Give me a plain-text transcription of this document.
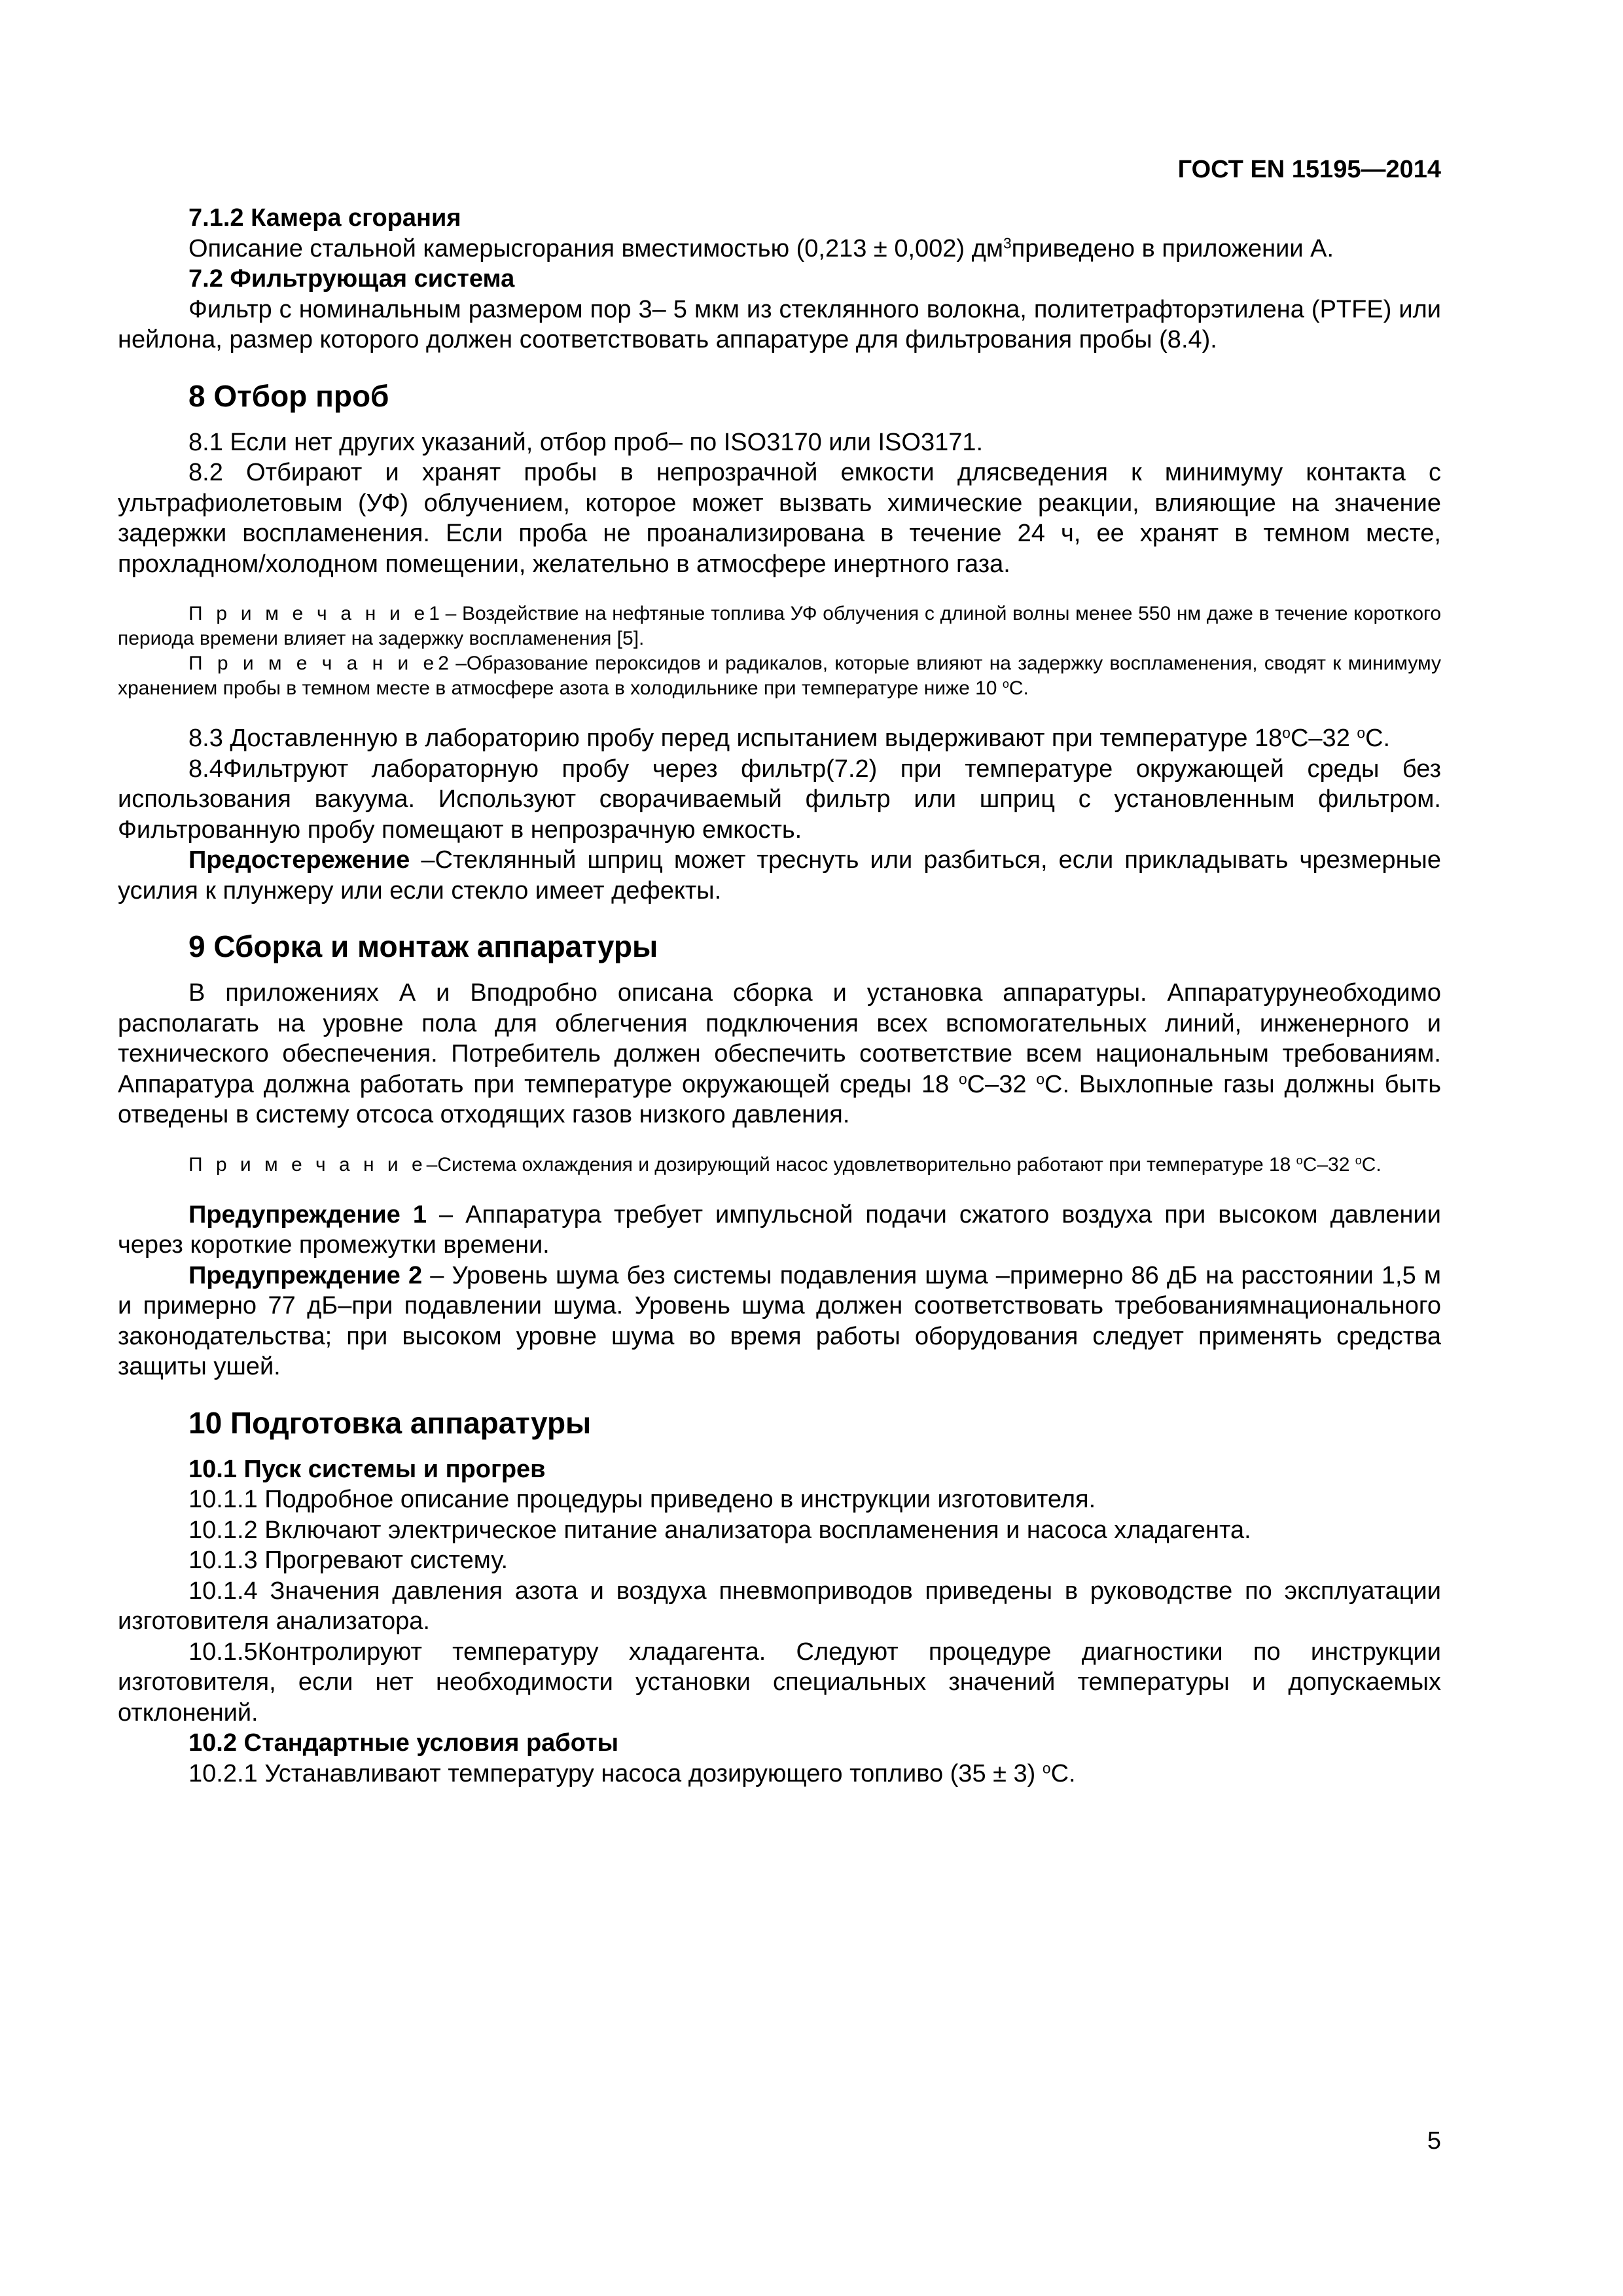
ГОСТ EN 15195—2014

7.1.2 Камера сгорания

Описание стальной камерысгорания вместимостью (0,213 ± 0,002) $дм^3приведено$ в приложении А.

7.2 Фильтрующая система

Фильтр с номинальным размером пор 3– 5 мкм из стеклянного волокна, политетрафторэтилена (PTFE) или нейлона, размер которого должен соответствовать аппаратуре для фильтрования пробы (8.4).

8 Отбор проб

8.1 Если нет других указаний, отбор проб– по ISO3170 или ISO3171.

8.2 Отбирают и хранят пробы в непрозрачной емкости длясведения к минимуму контакта с ультрафиолетовым (УФ) облучением, которое может вызвать химические реакции, влияющие на значение задержки воспламенения. Если проба не проанализирована в течение 24 ч, ее хранят в темном месте, прохладном/холодном помещении, желательно в атмосфере инертного газа.

П р и м е ч а н и е1 – Воздействие на нефтяные топлива УФ облучения с длиной волны менее 550 нм даже в течение короткого периода времени влияет на задержку воспламенения [5].

П р и м е ч а н и е2 –Образование пероксидов и радикалов, которые влияют на задержку воспламенения, сводят к минимуму хранением пробы в темном месте в атмосфере азота в холодильнике при температуре ниже 10 $^о$С.

8.3 Доставленную в лабораторию пробу перед испытанием выдерживают при температуре $18^оС-32$ $^о$С.

8.4Фильтруют лабораторную пробу через фильтр(7.2) при температуре окружающей среды без использования вакуума. Используют сворачиваемый фильтр или шприц с установленным фильтром. Фильтрованную пробу помещают в непрозрачную емкость.

Предостережение –Стеклянный шприц может треснуть или разбиться, если прикладывать чрезмерные усилия к плунжеру или если стекло имеет дефекты.

9 Сборка и монтаж аппаратуры

В приложениях А и Вподробно описана сборка и установка аппаратуры. Аппаратурунеобходимо располагать на уровне пола для облегчения подключения всех вспомогательных линий, инженерного и технического обеспечения. Потребитель должен обеспечить соответствие всем национальным требованиям. Аппаратура должна работать при температуре окружающей среды 18 $^о$С–32 $^о$С. Выхлопные газы должны быть отведены в систему отсоса отходящих газов низкого давления.

П р и м е ч а н и е–Система охлаждения и дозирующий насос удовлетворительно работают при температуре 18 $^о$С–32 $^о$С.

Предупреждение 1 – Аппаратура требует импульсной подачи сжатого воздуха при высоком давлении через короткие промежутки времени.

Предупреждение 2 – Уровень шума без системы подавления шума –примерно 86 дБ на расстоянии 1,5 м и примерно 77 дБ–при подавлении шума. Уровень шума должен соответствовать требованиямнационального законодательства; при высоком уровне шума во время работы оборудования следует применять средства защиты ушей.

10 Подготовка аппаратуры

10.1 Пуск системы и прогрев

10.1.1 Подробное описание процедуры приведено в инструкции изготовителя.

10.1.2 Включают электрическое питание анализатора воспламенения и насоса хладагента.

10.1.3 Прогревают систему.

10.1.4 Значения давления азота и воздуха пневмоприводов приведены в руководстве по эксплуатации изготовителя анализатора.

10.1.5Контролируют температуру хладагента. Следуют процедуре диагностики по инструкции изготовителя, если нет необходимости установки специальных значений температуры и допускаемых отклонений.

10.2 Стандартные условия работы

10.2.1 Устанавливают температуру насоса дозирующего топливо (35 ± 3) $^о$С.

5
